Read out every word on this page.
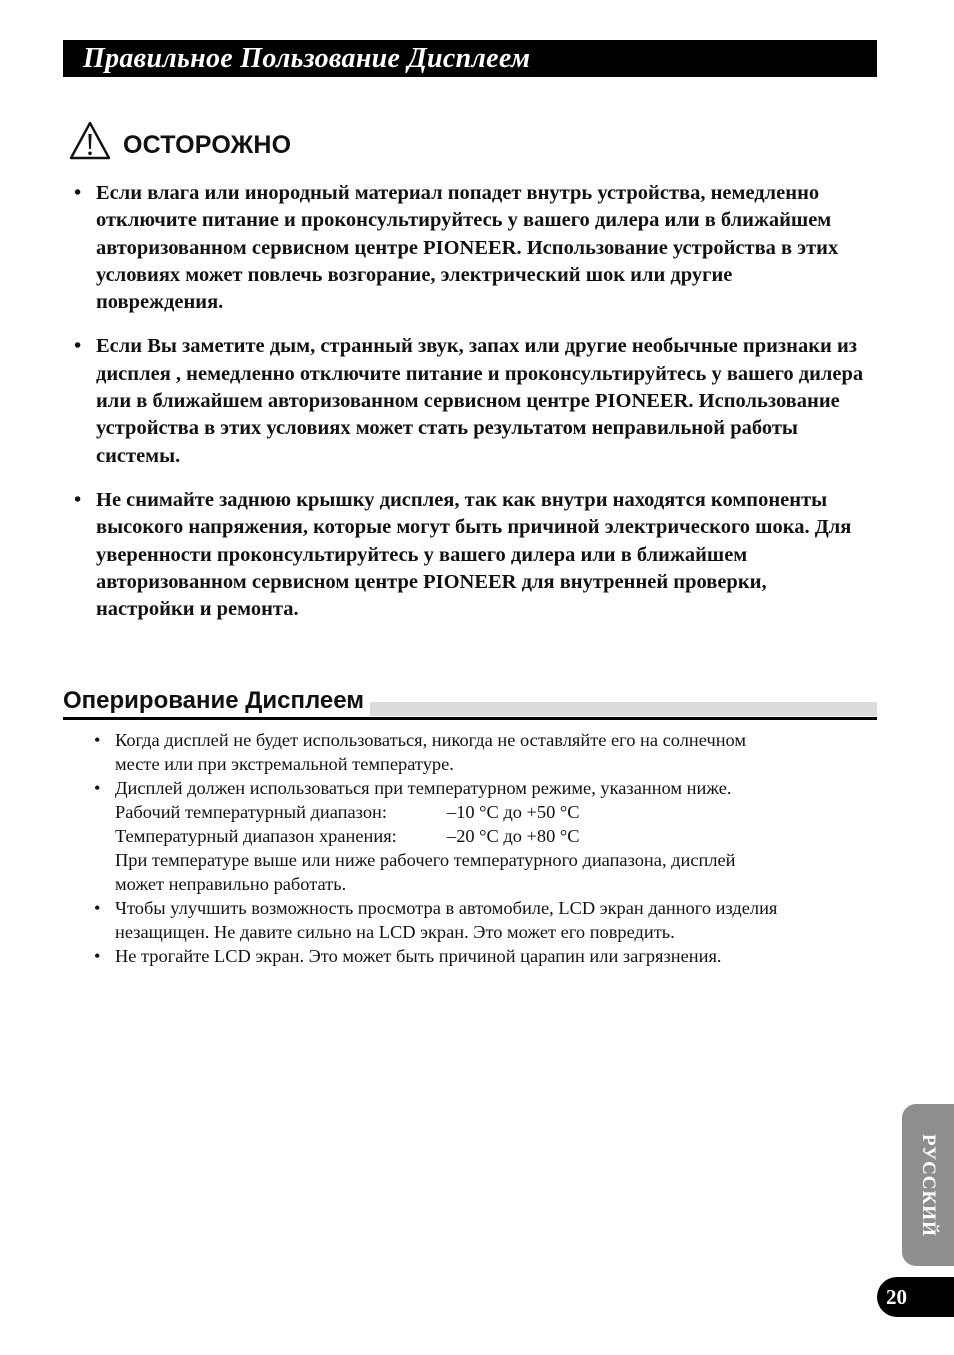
Правильное Пользование Дисплеем
ОСТОРОЖНО
• Если влага или инородный материал попадет внутрь устройства, немедленно отключите питание и проконсультируйтесь у вашего дилера или в ближайшем авторизованном сервисном центре PIONEER. Использование устройства в этих условиях может повлечь возгорание, электрический шок или другие повреждения.
• Если Вы заметите дым, странный звук, запах или другие необычные признаки из дисплея , немедленно отключите питание и проконсультируйтесь у вашего дилера или в ближайшем авторизованном сервисном центре PIONEER. Использование устройства в этих условиях может стать результатом неправильной работы системы.
• Не снимайте заднюю крышку дисплея, так как внутри находятся компоненты высокого напряжения, которые могут быть причиной электрического шока. Для уверенности проконсультируйтесь у вашего дилера или в ближайшем авторизованном сервисном центре PIONEER для внутренней проверки, настройки и ремонта.
Оперирование Дисплеем
• Когда дисплей не будет использоваться, никогда не оставляйте его на солнечном
месте или при экстремальной температуре.
• Дисплей должен использоваться при температурном режиме, указанном ниже.
Рабочий температурный диапазон:	–10 °C до +50 °C
Температурный диапазон хранения:	–20 °C до +80 °C
При температуре выше или ниже рабочего температурного диапазона, дисплей
может неправильно работать.
• Чтобы улучшить возможность просмотра в автомобиле, LCD экран данного изделия
незащищен. Не давите сильно на LCD экран. Это может его повредить.
• Не трогайте LCD экран. Это может быть причиной царапин или загрязнения.
РУССКИЙ
20
